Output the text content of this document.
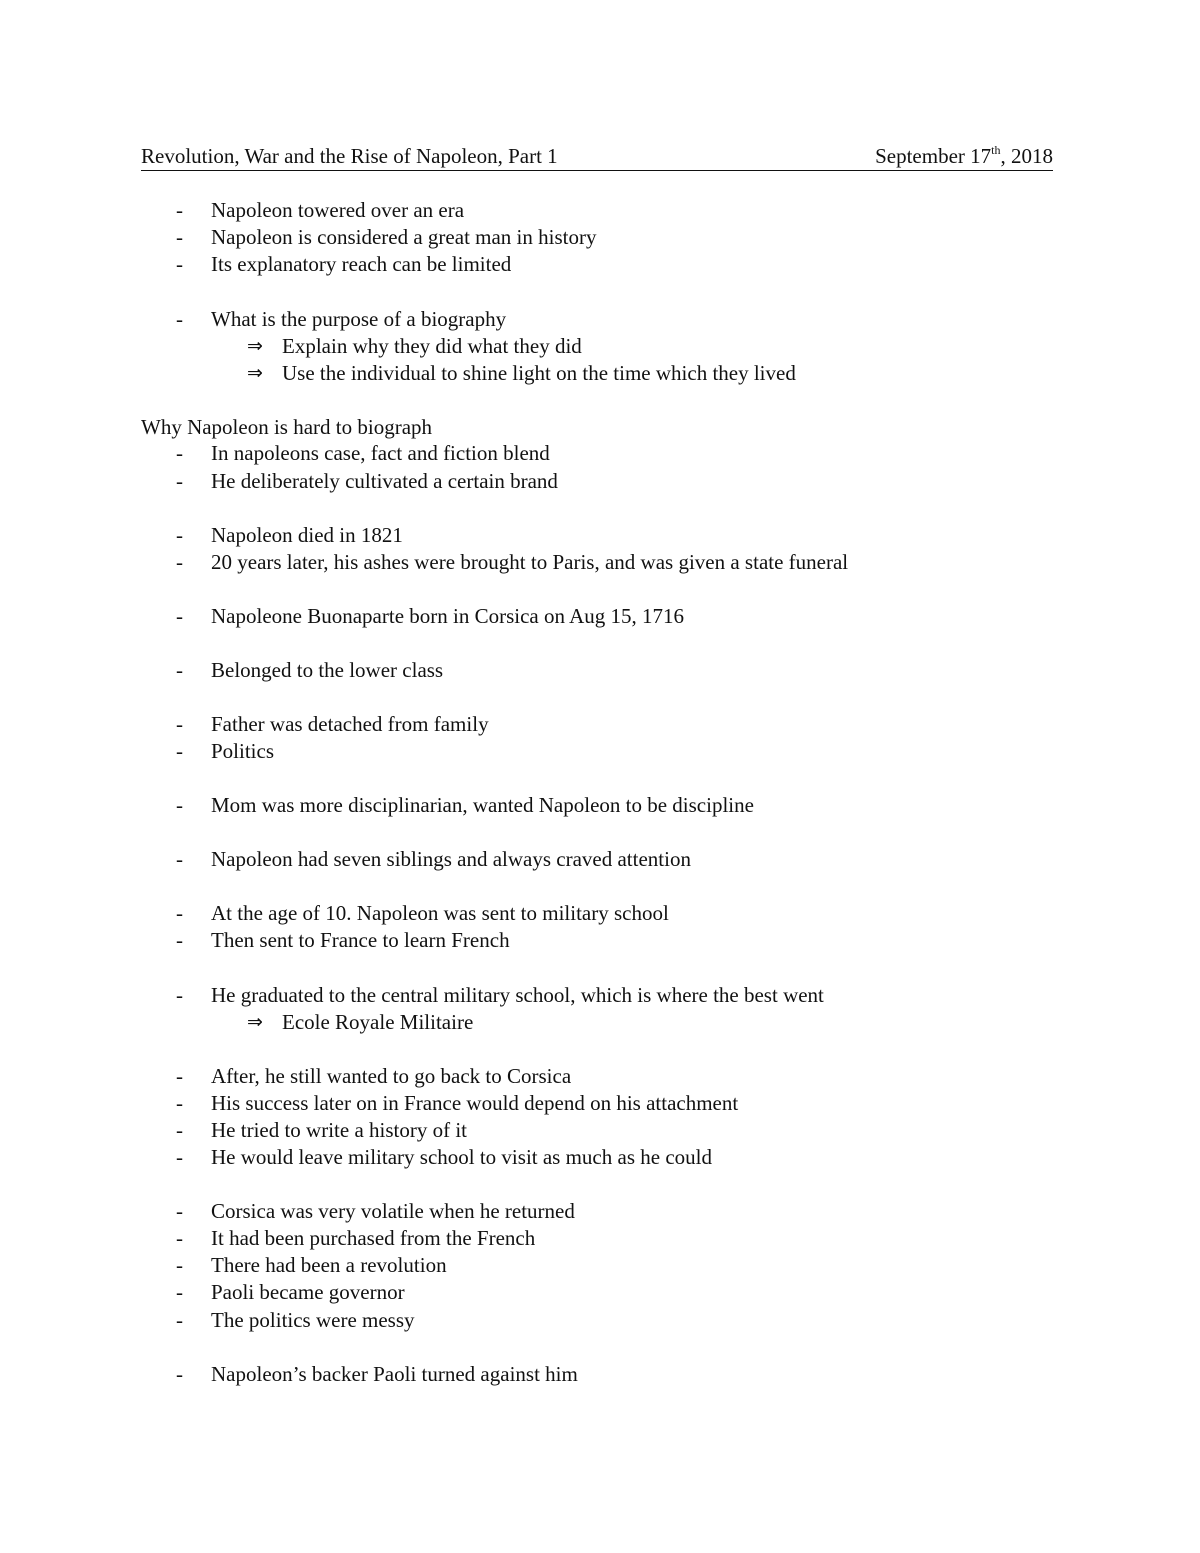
Revolution, War and the Rise of Napoleon, Part 1	September 17th, 2018
- Napoleon towered over an era
- Napoleon is considered a great man in history
- Its explanatory reach can be limited
- What is the purpose of a biography
⇒ Explain why they did what they did
⇒ Use the individual to shine light on the time which they lived
Why Napoleon is hard to biograph
- In napoleons case, fact and fiction blend
- He deliberately cultivated a certain brand
- Napoleon died in 1821
- 20 years later, his ashes were brought to Paris, and was given a state funeral
- Napoleone Buonaparte born in Corsica on Aug 15, 1716
- Belonged to the lower class
- Father was detached from family
- Politics
- Mom was more disciplinarian, wanted Napoleon to be discipline
- Napoleon had seven siblings and always craved attention
- At the age of 10. Napoleon was sent to military school
- Then sent to France to learn French
- He graduated to the central military school, which is where the best went
⇒ Ecole Royale Militaire
- After, he still wanted to go back to Corsica
- His success later on in France would depend on his attachment
- He tried to write a history of it
- He would leave military school to visit as much as he could
- Corsica was very volatile when he returned
- It had been purchased from the French
- There had been a revolution
- Paoli became governor
- The politics were messy
- Napoleon’s backer Paoli turned against him
